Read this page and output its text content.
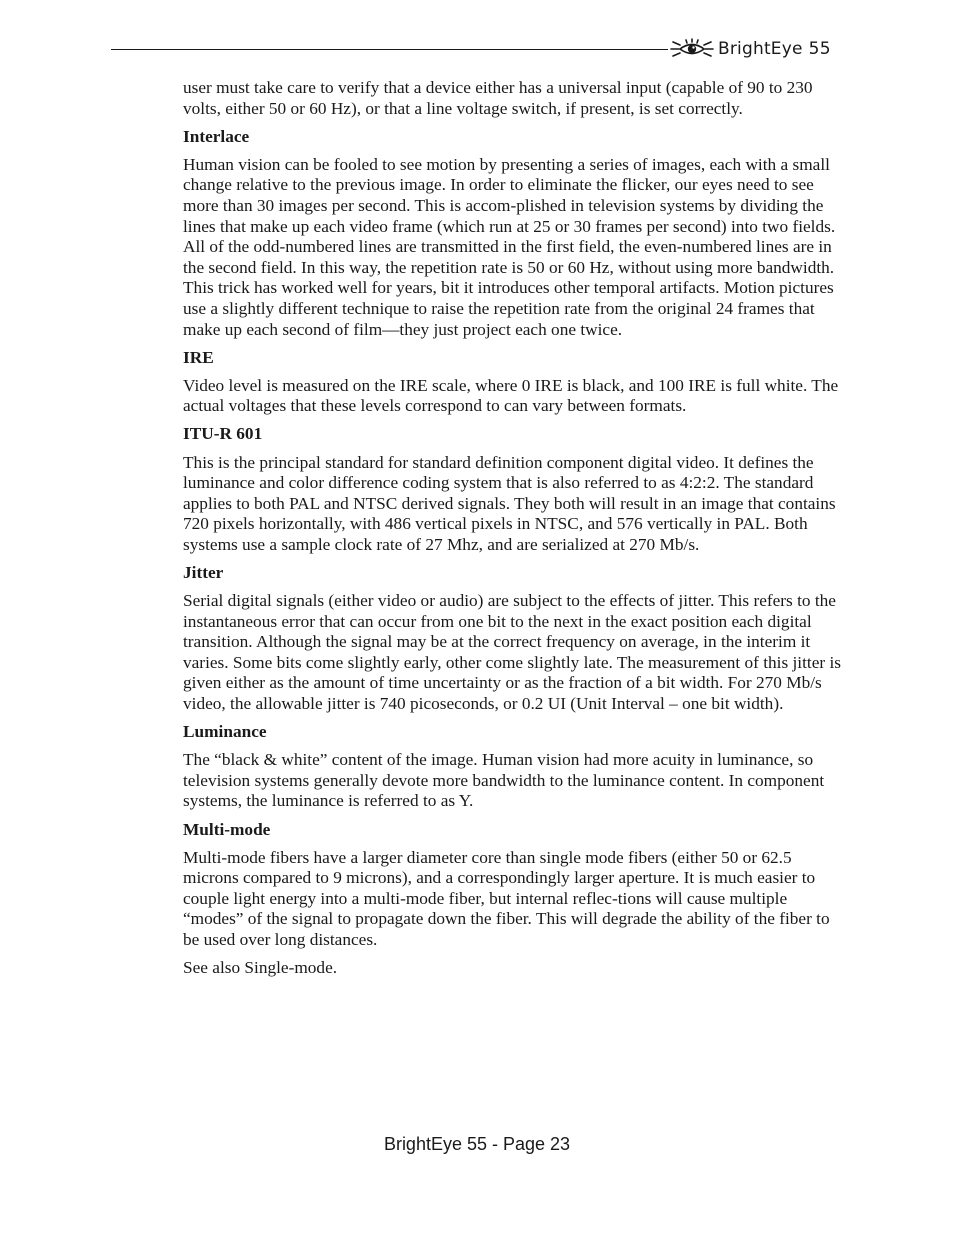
BrightEye 55

user must take care to verify that a device either has a universal input (capable of 90 to 230 volts, either 50 or 60 Hz), or that a line voltage switch, if present, is set correctly.

Interlace

Human vision can be fooled to see motion by presenting a series of images, each with a small change relative to the previous image. In order to eliminate the flicker, our eyes need to see more than 30 images per second. This is accom-plished in television systems by dividing the lines that make up each video frame (which run at 25 or 30 frames per second) into two fields. All of the odd-numbered lines are transmitted in the first field, the even-numbered lines are in the second field. In this way, the repetition rate is 50 or 60 Hz, without using more bandwidth. This trick has worked well for years, bit it introduces other temporal artifacts. Motion pictures use a slightly different technique to raise the repetition rate from the original 24 frames that make up each second of film—they just project each one twice.

IRE

Video level is measured on the IRE scale, where 0 IRE is black, and 100 IRE is full white. The actual voltages that these levels correspond to can vary between formats.

ITU-R 601

This is the principal standard for standard definition component digital video. It defines the luminance and color difference coding system that is also referred to as 4:2:2. The standard applies to both PAL and NTSC derived signals. They both will result in an image that contains 720 pixels horizontally, with 486 vertical pixels in NTSC, and 576 vertically in PAL. Both systems use a sample clock rate of 27 Mhz, and are serialized at 270 Mb/s.

Jitter

Serial digital signals (either video or audio) are subject to the effects of jitter. This refers to the instantaneous error that can occur from one bit to the next in the exact position each digital transition. Although the signal may be at the correct frequency on average, in the interim it varies. Some bits come slightly early, other come slightly late. The measurement of this jitter is given either as the amount of time uncertainty or as the fraction of a bit width. For 270 Mb/s video, the allowable jitter is 740 picoseconds, or 0.2 UI (Unit Interval – one bit width).

Luminance

The “black & white” content of the image. Human vision had more acuity in luminance, so television systems generally devote more bandwidth to the luminance content. In component systems, the luminance is referred to as Y.

Multi-mode

Multi-mode fibers have a larger diameter core than single mode fibers (either 50 or 62.5 microns compared to 9 microns), and a correspondingly larger aperture. It is much easier to couple light energy into a multi-mode fiber, but internal reflec-tions will cause multiple “modes” of the signal to propagate down the fiber. This will degrade the ability of the fiber to be used over long distances.

See also Single-mode.

BrightEye 55 - Page 23
